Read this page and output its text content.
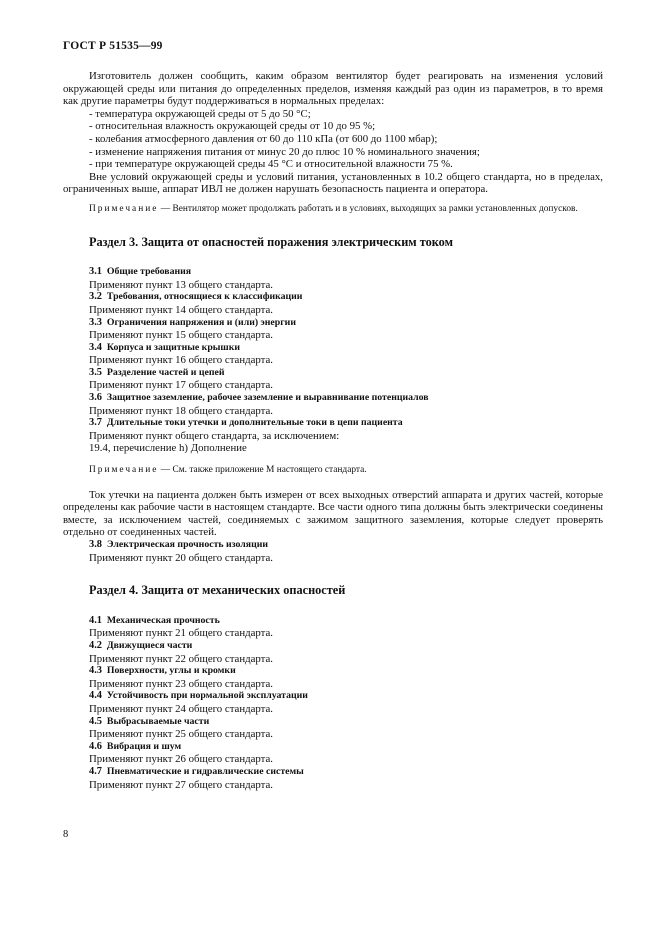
ГОСТ Р 51535—99

Изготовитель должен сообщить, каким образом вентилятор будет реагировать на изменения условий окружающей среды или питания до определенных пределов, изменяя каждый раз один из параметров, в то время как другие параметры будут поддерживаться в нормальных пределах:

- температура окружающей среды от 5 до 50 °С;

- относительная влажность окружающей среды от 10 до 95 %;

- колебания атмосферного давления от 60 до 110 кПа (от 600 до 1100 мбар);

- изменение напряжения питания от минус 20 до плюс 10 % номинального значения;

- при температуре окружающей среды 45 °С и относительной влажности 75 %.

Вне условий окружающей среды и условий питания, установленных в 10.2 общего стандарта, но в пределах, ограниченных выше, аппарат ИВЛ не должен нарушать безопасность пациента и оператора.

Примечание — Вентилятор может продолжать работать и в условиях, выходящих за рамки установленных допусков.

Раздел 3. Защита от опасностей поражения электрическим током
3.1 Общие требования
Применяют пункт 13 общего стандарта.
3.2 Требования, относящиеся к классификации
Применяют пункт 14 общего стандарта.
3.3 Ограничения напряжения и (или) энергии
Применяют пункт 15 общего стандарта.
3.4 Корпуса и защитные крышки
Применяют пункт 16 общего стандарта.
3.5 Разделение частей и цепей
Применяют пункт 17 общего стандарта.
3.6 Защитное заземление, рабочее заземление и выравнивание потенциалов
Применяют пункт 18 общего стандарта.
3.7 Длительные токи утечки и дополнительные токи в цепи пациента
Применяют пункт общего стандарта, за исключением:
19.4, перечисление h) Дополнение

Примечание — См. также приложение М настоящего стандарта.

Ток утечки на пациента должен быть измерен от всех выходных отверстий аппарата и других частей, которые определены как рабочие части в настоящем стандарте. Все части одного типа должны быть электрически соединены вместе, за исключением частей, соединяемых с зажимом защитного заземления, которые следует проверять отдельно от соединенных частей.

3.8 Электрическая прочность изоляции
Применяют пункт 20 общего стандарта.
Раздел 4. Защита от механических опасностей
4.1 Механическая прочность
Применяют пункт 21 общего стандарта.
4.2 Движущиеся части
Применяют пункт 22 общего стандарта.
4.3 Поверхности, углы и кромки
Применяют пункт 23 общего стандарта.
4.4 Устойчивость при нормальной эксплуатации
Применяют пункт 24 общего стандарта.
4.5 Выбрасываемые части
Применяют пункт 25 общего стандарта.
4.6 Вибрация и шум
Применяют пункт 26 общего стандарта.
4.7 Пневматические и гидравлические системы
Применяют пункт 27 общего стандарта.
8
